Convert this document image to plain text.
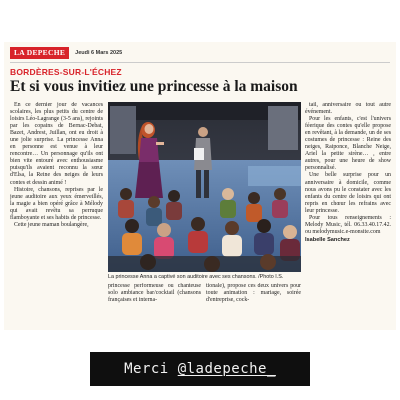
LA DEPECHE	Jeudi 6 Mars 2025
BORDÈRES-SUR-L'ÉCHEZ
Et si vous invitiez une princesse à la maison

En ce dernier jour de vacances scolaires, les plus petits du centre de loisirs Léo-Lagrange (3-5 ans), rejoints par les copains de Bernac-Debat, Bazet, Andrest, Juillan, ont eu droit à une jolie surprise. La princesse Anna en personne est venue à leur rencontre… Un personnage qu'ils ont bien vite entouré avec enthousiasme puisqu'ils avaient reconnu la sœur d'Elsa, la Reine des neiges de leurs contes et dessin animé !

Histoire, chansons, reprises par le jeune auditoire aux yeux émerveillés, la magie a bien opéré grâce à Mélody qui avait revêtu sa perruque flamboyante et ses habits de princesse.

Cette jeune maman boulangère,

La princesse Anna a captivé son auditoire avec ses chansons. /Photo I.S.
princesse performeuse ou chanteuse solo ambiance bar/cocktail (chansons françaises et interna-
tionale), propose ces deux univers pour toute animation : mariage, soirée d'entreprise, cock-

tail, anniversaire ou tout autre événement.

Pour les enfants, c'est l'univers féerique des contes qu'elle propose en revêtant, à la demande, un de ses costumes de princesse : Reine des neiges, Raiponce, Blanche Neige, Ariel la petite sirène… , entre autres, pour une heure de show personnalisé.

Une belle surprise pour un anniversaire à domicile, comme nous avons pu le constater avec les enfants du centre de loisirs qui ont repris en chœur les refrains avec leur princesse.

Pour tous renseignements : Melody Music, tél. 06.33.40.17.42. ou melodymusic.e-monsite.com

Isabelle Sanchez

Merci @ladepeche_
